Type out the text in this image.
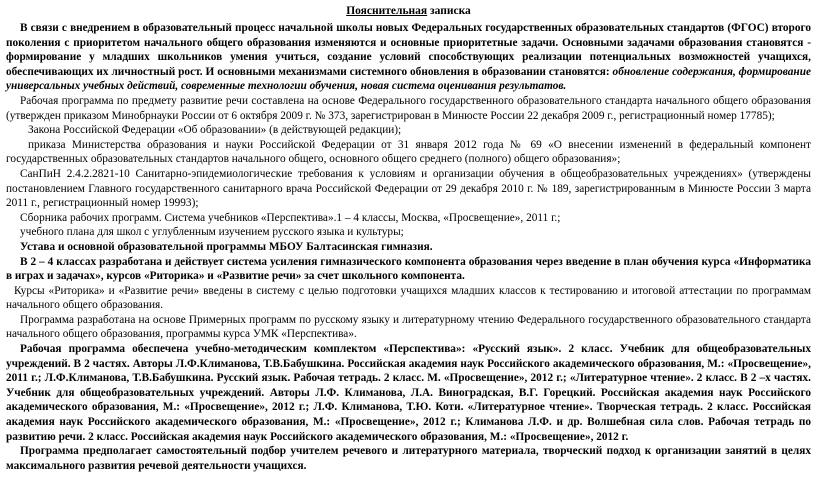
Пояснительная записка

В связи с внедрением в образовательный процесс начальной школы новых Федеральных государственных образовательных стандартов (ФГОС) второго поколения с приоритетом начального общего образования изменяются и основные приоритетные задачи. Основными задачами образования становятся - формирование у младших школьников умения учиться, создание условий способствующих реализации потенциальных возможностей учащихся, обеспечивающих их личностный рост. И основными механизмами системного обновления в образовании становятся: обновление содержания, формирование универсальных учебных действий, современные технологии обучения, новая система оценивания результатов.

Рабочая программа по предмету развитие речи составлена на основе Федерального государственного образовательного стандарта начального общего образования (утвержден приказом Минобрнауки России от 6 октября 2009 г. № 373, зарегистрирован в Минюсте России 22 декабря 2009 г., регистрационный номер 17785);

Закона Российской Федерации «Об образовании» (в действующей редакции);

приказа Министерства образования и науки Российской Федерации от 31 января 2012 года № 69 «О внесении изменений в федеральный компонент государственных образовательных стандартов начального общего, основного общего среднего (полного) общего образования»;

СанПиН 2.4.2.2821-10 Санитарно-эпидемиологические требования к условиям и организации обучения в общеобразовательных учреждениях» (утверждены постановлением Главного государственного санитарного врача Российской Федерации от 29 декабря 2010 г. № 189, зарегистрированным в Минюсте России 3 марта 2011 г., регистрационный номер 19993);

Сборника рабочих программ. Система учебников «Перспектива».1 – 4 классы, Москва, «Просвещение», 2011 г.;

учебного плана для школ с углубленным изучением русского языка и культуры;

Устава и основной образовательной программы МБОУ Балтасинская гимназия.

В 2 – 4 классах разработана и действует система усиления гимназического компонента образования через введение в план обучения курса «Информатика в играх и задачах», курсов «Риторика» и «Развитие речи» за счет школьного компонента.

Курсы «Риторика» и «Развитие речи» введены в систему с целью подготовки учащихся младших классов к тестированию и итоговой аттестации по программам начального общего образования.

Программа разработана на основе Примерных программ по русскому языку и литературному чтению Федерального государственного образовательного стандарта начального общего образования, программы курса УМК «Перспектива».

Рабочая программа обеспечена учебно-методическим комплектом «Перспектива»: «Русский язык». 2 класс. Учебник для общеобразовательных учреждений. В 2 частях. Авторы Л.Ф.Климанова, Т.В.Бабушкина. Российская академия наук Российского академического образования, М.: «Просвещение», 2011 г.; Л.Ф.Климанова, Т.В.Бабушкина. Русский язык. Рабочая тетрадь. 2 класс. М. «Просвещение», 2012 г.; «Литературное чтение». 2 класс. В 2 –х частях. Учебник для общеобразовательных учреждений. Авторы Л.Ф. Климанова, Л.А. Виноградская, В.Г. Горецкий. Российская академия наук Российского академического образования, М.: «Просвещение», 2012 г.; Л.Ф. Климанова, Т.Ю. Коти. «Литературное чтение». Творческая тетрадь. 2 класс. Российская академия наук Российского академического образования, М.: «Просвещение», 2012 г.; Климанова Л.Ф. и др. Волшебная сила слов. Рабочая тетрадь по развитию речи. 2 класс. Российская академия наук Российского академического образования, М.: «Просвещение», 2012 г.

Программа предполагает самостоятельный подбор учителем речевого и литературного материала, творческий подход к организации занятий в целях максимального развития речевой деятельности учащихся.
